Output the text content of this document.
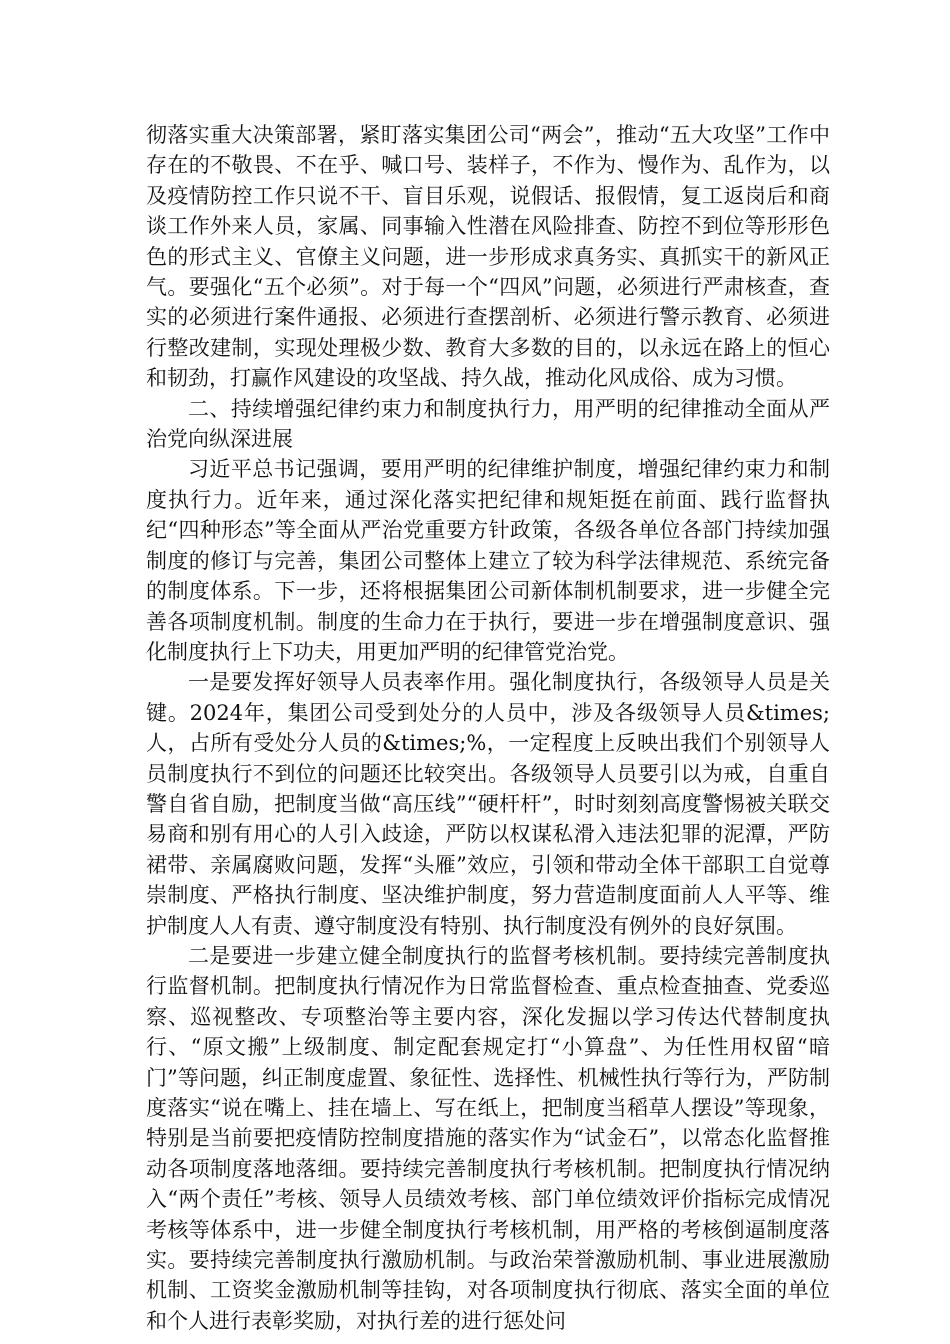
彻落实重大决策部署，紧盯落实集团公司“两会”，推动“五大攻坚”工作中存在的不敬畏、不在乎、喊口号、装样子，不作为、慢作为、乱作为，以及疫情防控工作只说不干、盲目乐观，说假话、报假情，复工返岗后和商谈工作外来人员，家属、同事输入性潜在风险排查、防控不到位等形形色色的形式主义、官僚主义问题，进一步形成求真务实、真抓实干的新风正气。要强化“五个必须”。对于每一个“四风”问题，必须进行严肃核查，查实的必须进行案件通报、必须进行查摆剖析、必须进行警示教育、必须进行整改建制，实现处理极少数、教育大多数的目的，以永远在路上的恒心和韧劲，打赢作风建设的攻坚战、持久战，推动化风成俗、成为习惯。

二、持续增强纪律约束力和制度执行力，用严明的纪律推动全面从严治党向纵深进展

习近平总书记强调，要用严明的纪律维护制度，增强纪律约束力和制度执行力。近年来，通过深化落实把纪律和规矩挺在前面、践行监督执纪“四种形态”等全面从严治党重要方针政策，各级各单位各部门持续加强制度的修订与完善，集团公司整体上建立了较为科学法律规范、系统完备的制度体系。下一步，还将根据集团公司新体制机制要求，进一步健全完善各项制度机制。制度的生命力在于执行，要进一步在增强制度意识、强化制度执行上下功夫，用更加严明的纪律管党治党。

一是要发挥好领导人员表率作用。强化制度执行，各级领导人员是关键。2024年，集团公司受到处分的人员中，涉及各级领导人员&times;人，占所有受处分人员的&times;%，一定程度上反映出我们个别领导人员制度执行不到位的问题还比较突出。各级领导人员要引以为戒，自重自警自省自励，把制度当做“高压线”“硬杆杆”，时时刻刻高度警惕被关联交易商和别有用心的人引入歧途，严防以权谋私滑入违法犯罪的泥潭，严防裙带、亲属腐败问题，发挥“头雁”效应，引领和带动全体干部职工自觉尊崇制度、严格执行制度、坚决维护制度，努力营造制度面前人人平等、维护制度人人有责、遵守制度没有特别、执行制度没有例外的良好氛围。

二是要进一步建立健全制度执行的监督考核机制。要持续完善制度执行监督机制。把制度执行情况作为日常监督检查、重点检查抽查、党委巡察、巡视整改、专项整治等主要内容，深化发掘以学习传达代替制度执行、“原文搬”上级制度、制定配套规定打“小算盘”、为任性用权留“暗门”等问题，纠正制度虚置、象征性、选择性、机械性执行等行为，严防制度落实“说在嘴上、挂在墙上、写在纸上，把制度当稻草人摆设”等现象，特别是当前要把疫情防控制度措施的落实作为“试金石”，以常态化监督推动各项制度落地落细。要持续完善制度执行考核机制。把制度执行情况纳入“两个责任”考核、领导人员绩效考核、部门单位绩效评价指标完成情况考核等体系中，进一步健全制度执行考核机制，用严格的考核倒逼制度落实。要持续完善制度执行激励机制。与政治荣誉激励机制、事业进展激励机制、工资奖金激励机制等挂钩，对各项制度执行彻底、落实全面的单位和个人进行表彰奖励，对执行差的进行惩处问
